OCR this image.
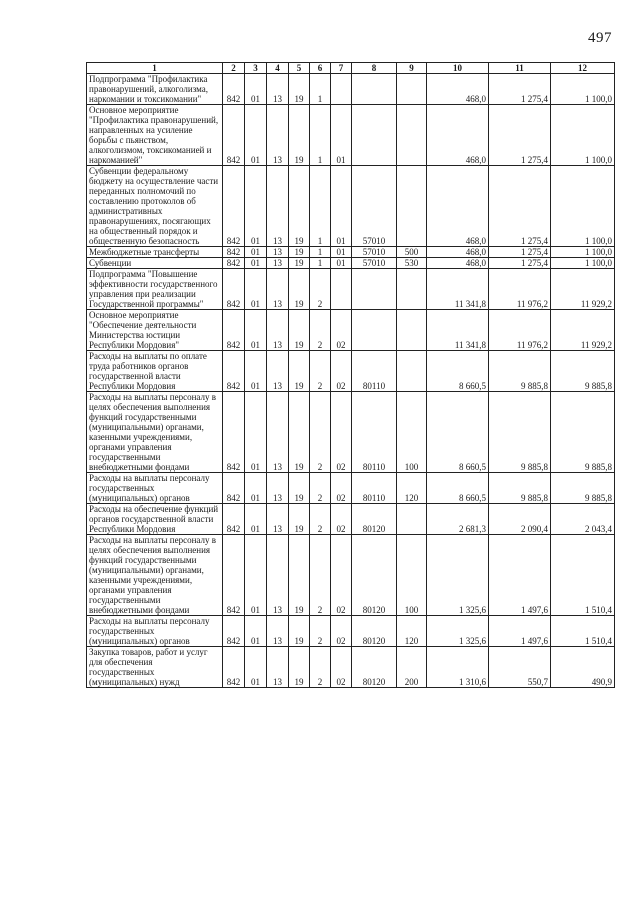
497
1	2	3	4	5	6	7	8	9	10	11	12
Подпрограмма "Профилактика правонарушений, алкоголизма, наркомании и токсикомании"	842	01	13	19	1				468,0	1 275,4	1 100,0
Основное мероприятие "Профилактика правонарушений, направленных на усиление борьбы с пьянством, алкоголизмом, токсикоманией и наркоманией"	842	01	13	19	1	01			468,0	1 275,4	1 100,0
Субвенции федеральному бюджету на осуществление части переданных полномочий по составлению протоколов об административных правонарушениях, посягающих на общественный порядок и общественную безопасность	842	01	13	19	1	01	57010		468,0	1 275,4	1 100,0
Межбюджетные трансферты	842	01	13	19	1	01	57010	500	468,0	1 275,4	1 100,0
Субвенции	842	01	13	19	1	01	57010	530	468,0	1 275,4	1 100,0
Подпрограмма "Повышение эффективности государственного управления при реализации Государственной программы"	842	01	13	19	2				11 341,8	11 976,2	11 929,2
Основное мероприятие "Обеспечение деятельности Министерства юстиции Республики Мордовия"	842	01	13	19	2	02			11 341,8	11 976,2	11 929,2
Расходы на выплаты по оплате труда работников органов государственной власти Республики Мордовия	842	01	13	19	2	02	80110		8 660,5	9 885,8	9 885,8
Расходы на выплаты персоналу в целях обеспечения выполнения функций государственными (муниципальными) органами, казенными учреждениями, органами управления государственными внебюджетными фондами	842	01	13	19	2	02	80110	100	8 660,5	9 885,8	9 885,8
Расходы на выплаты персоналу государственных (муниципальных) органов	842	01	13	19	2	02	80110	120	8 660,5	9 885,8	9 885,8
Расходы на обеспечение функций органов государственной власти Республики Мордовия	842	01	13	19	2	02	80120		2 681,3	2 090,4	2 043,4
Расходы на выплаты персоналу в целях обеспечения выполнения функций государственными (муниципальными) органами, казенными учреждениями, органами управления государственными внебюджетными фондами	842	01	13	19	2	02	80120	100	1 325,6	1 497,6	1 510,4
Расходы на выплаты персоналу государственных (муниципальных) органов	842	01	13	19	2	02	80120	120	1 325,6	1 497,6	1 510,4
Закупка товаров, работ и услуг для обеспечения государственных (муниципальных) нужд	842	01	13	19	2	02	80120	200	1 310,6	550,7	490,9
